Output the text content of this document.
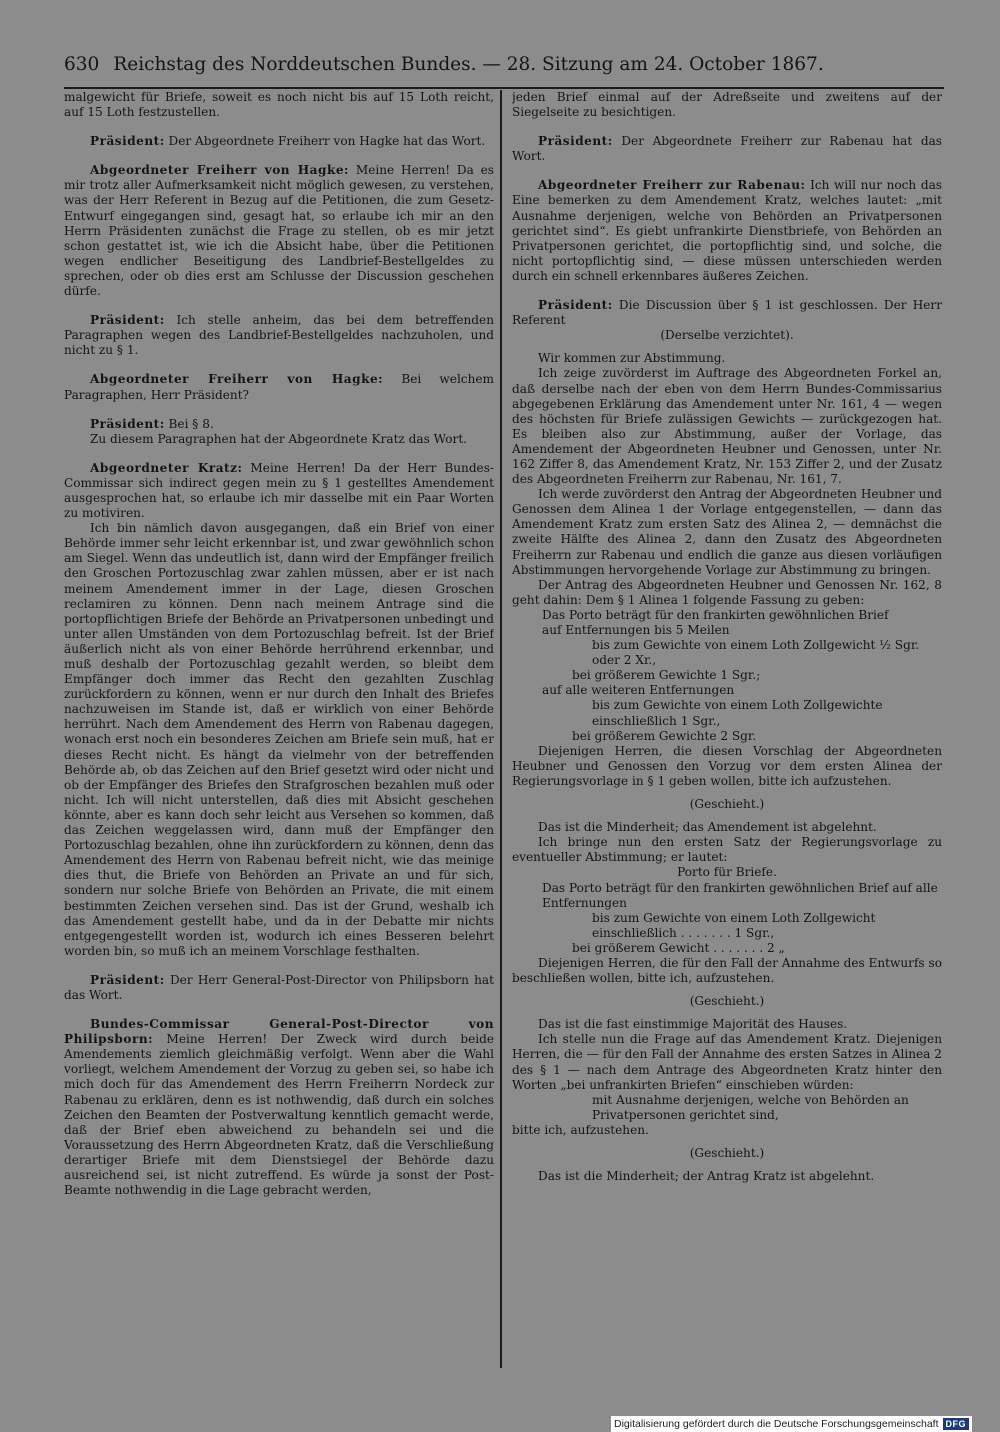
630 Reichstag des Norddeutschen Bundes. — 28. Sitzung am 24. October 1867.

malgewicht für Briefe, soweit es noch nicht bis auf 15 Loth reicht, auf 15 Loth festzustellen.

Präsident: Der Abgeordnete Freiherr von Hagke hat das Wort.

Abgeordneter Freiherr von Hagke: Meine Herren! Da es mir trotz aller Aufmerksamkeit nicht möglich gewesen, zu verstehen, was der Herr Referent in Bezug auf die Petitionen, die zum Gesetz-Entwurf eingegangen sind, gesagt hat, so erlaube ich mir an den Herrn Präsidenten zunächst die Frage zu stellen, ob es mir jetzt schon gestattet ist, wie ich die Absicht habe, über die Petitionen wegen endlicher Beseitigung des Landbrief-Bestellgeldes zu sprechen, oder ob dies erst am Schlusse der Discussion geschehen dürfe.

Präsident: Ich stelle anheim, das bei dem betreffenden Paragraphen wegen des Landbrief-Bestellgeldes nachzuholen, und nicht zu § 1.

Abgeordneter Freiherr von Hagke: Bei welchem Paragraphen, Herr Präsident?

Präsident: Bei § 8.

Zu diesem Paragraphen hat der Abgeordnete Kratz das Wort.

Abgeordneter Kratz: Meine Herren! Da der Herr Bundes-Commissar sich indirect gegen mein zu § 1 gestelltes Amendement ausgesprochen hat, so erlaube ich mir dasselbe mit ein Paar Worten zu motiviren.

Ich bin nämlich davon ausgegangen, daß ein Brief von einer Behörde immer sehr leicht erkennbar ist, und zwar gewöhnlich schon am Siegel. Wenn das undeutlich ist, dann wird der Empfänger freilich den Groschen Portozuschlag zwar zahlen müssen, aber er ist nach meinem Amendement immer in der Lage, diesen Groschen reclamiren zu können. Denn nach meinem Antrage sind die portopflichtigen Briefe der Behörde an Privatpersonen unbedingt und unter allen Umständen von dem Portozuschlag befreit. Ist der Brief äußerlich nicht als von einer Behörde herrührend erkennbar, und muß deshalb der Portozuschlag gezahlt werden, so bleibt dem Empfänger doch immer das Recht den gezahlten Zuschlag zurückfordern zu können, wenn er nur durch den Inhalt des Briefes nachzuweisen im Stande ist, daß er wirklich von einer Behörde herrührt. Nach dem Amendement des Herrn von Rabenau dagegen, wonach erst noch ein besonderes Zeichen am Briefe sein muß, hat er dieses Recht nicht. Es hängt da vielmehr von der betreffenden Behörde ab, ob das Zeichen auf den Brief gesetzt wird oder nicht und ob der Empfänger des Briefes den Strafgroschen bezahlen muß oder nicht. Ich will nicht unterstellen, daß dies mit Absicht geschehen könnte, aber es kann doch sehr leicht aus Versehen so kommen, daß das Zeichen weggelassen wird, dann muß der Empfänger den Portozuschlag bezahlen, ohne ihn zurückfordern zu können, denn das Amendement des Herrn von Rabenau befreit nicht, wie das meinige dies thut, die Briefe von Behörden an Private an und für sich, sondern nur solche Briefe von Behörden an Private, die mit einem bestimmten Zeichen versehen sind. Das ist der Grund, weshalb ich das Amendement gestellt habe, und da in der Debatte mir nichts entgegengestellt worden ist, wodurch ich eines Besseren belehrt worden bin, so muß ich an meinem Vorschlage festhalten.

Präsident: Der Herr General-Post-Director von Philipsborn hat das Wort.

Bundes-Commissar General-Post-Director von Philipsborn: Meine Herren! Der Zweck wird durch beide Amendements ziemlich gleichmäßig verfolgt. Wenn aber die Wahl vorliegt, welchem Amendement der Vorzug zu geben sei, so habe ich mich doch für das Amendement des Herrn Freiherrn Nordeck zur Rabenau zu erklären, denn es ist nothwendig, daß durch ein solches Zeichen den Beamten der Postverwaltung kenntlich gemacht werde, daß der Brief eben abweichend zu behandeln sei und die Voraussetzung des Herrn Abgeordneten Kratz, daß die Verschließung derartiger Briefe mit dem Dienstsiegel der Behörde dazu ausreichend sei, ist nicht zutreffend. Es würde ja sonst der Post-Beamte nothwendig in die Lage gebracht werden,

jeden Brief einmal auf der Adreßseite und zweitens auf der Siegelseite zu besichtigen.

Präsident: Der Abgeordnete Freiherr zur Rabenau hat das Wort.

Abgeordneter Freiherr zur Rabenau: Ich will nur noch das Eine bemerken zu dem Amendement Kratz, welches lautet: „mit Ausnahme derjenigen, welche von Behörden an Privatpersonen gerichtet sind“. Es giebt unfrankirte Dienstbriefe, von Behörden an Privatpersonen gerichtet, die portopflichtig sind, und solche, die nicht portopflichtig sind, — diese müssen unterschieden werden durch ein schnell erkennbares äußeres Zeichen.

Präsident: Die Discussion über § 1 ist geschlossen. Der Herr Referent

(Derselbe verzichtet).

Wir kommen zur Abstimmung.

Ich zeige zuvörderst im Auftrage des Abgeordneten Forkel an, daß derselbe nach der eben von dem Herrn Bundes-Commissarius abgegebenen Erklärung das Amendement unter Nr. 161, 4 — wegen des höchsten für Briefe zulässigen Gewichts — zurückgezogen hat. Es bleiben also zur Abstimmung, außer der Vorlage, das Amendement der Abgeordneten Heubner und Genossen, unter Nr. 162 Ziffer 8, das Amendement Kratz, Nr. 153 Ziffer 2, und der Zusatz des Abgeordneten Freiherrn zur Rabenau, Nr. 161, 7.

Ich werde zuvörderst den Antrag der Abgeordneten Heubner und Genossen dem Alinea 1 der Vorlage entgegenstellen, — dann das Amendement Kratz zum ersten Satz des Alinea 2, — demnächst die zweite Hälfte des Alinea 2, dann den Zusatz des Abgeordneten Freiherrn zur Rabenau und endlich die ganze aus diesen vorläufigen Abstimmungen hervorgehende Vorlage zur Abstimmung zu bringen.

Der Antrag des Abgeordneten Heubner und Genossen Nr. 162, 8 geht dahin: Dem § 1 Alinea 1 folgende Fassung zu geben:

Das Porto beträgt für den frankirten gewöhnlichen Brief

auf Entfernungen bis 5 Meilen

bis zum Gewichte von einem Loth Zollgewicht ½ Sgr. oder 2 Xr.,

bei größerem Gewichte 1 Sgr.;

auf alle weiteren Entfernungen

bis zum Gewichte von einem Loth Zollgewichte einschließlich 1 Sgr.,

bei größerem Gewichte 2 Sgr.

Diejenigen Herren, die diesen Vorschlag der Abgeordneten Heubner und Genossen den Vorzug vor dem ersten Alinea der Regierungsvorlage in § 1 geben wollen, bitte ich aufzustehen.

(Geschieht.)

Das ist die Minderheit; das Amendement ist abgelehnt.

Ich bringe nun den ersten Satz der Regierungsvorlage zu eventueller Abstimmung; er lautet:

Porto für Briefe.

Das Porto beträgt für den frankirten gewöhnlichen Brief auf alle Entfernungen

bis zum Gewichte von einem Loth Zollgewicht einschließlich . . . . . . . 1 Sgr.,

bei größerem Gewicht . . . . . . . 2 „

Diejenigen Herren, die für den Fall der Annahme des Entwurfs so beschließen wollen, bitte ich, aufzustehen.

(Geschieht.)

Das ist die fast einstimmige Majorität des Hauses.

Ich stelle nun die Frage auf das Amendement Kratz. Diejenigen Herren, die — für den Fall der Annahme des ersten Satzes in Alinea 2 des § 1 — nach dem Antrage des Abgeordneten Kratz hinter den Worten „bei unfrankirten Briefen“ einschieben würden:

mit Ausnahme derjenigen, welche von Behörden an Privatpersonen gerichtet sind,

bitte ich, aufzustehen.

(Geschieht.)

Das ist die Minderheit; der Antrag Kratz ist abgelehnt.

Digitalisierung gefördert durch die Deutsche Forschungsgemeinschaft DFG
